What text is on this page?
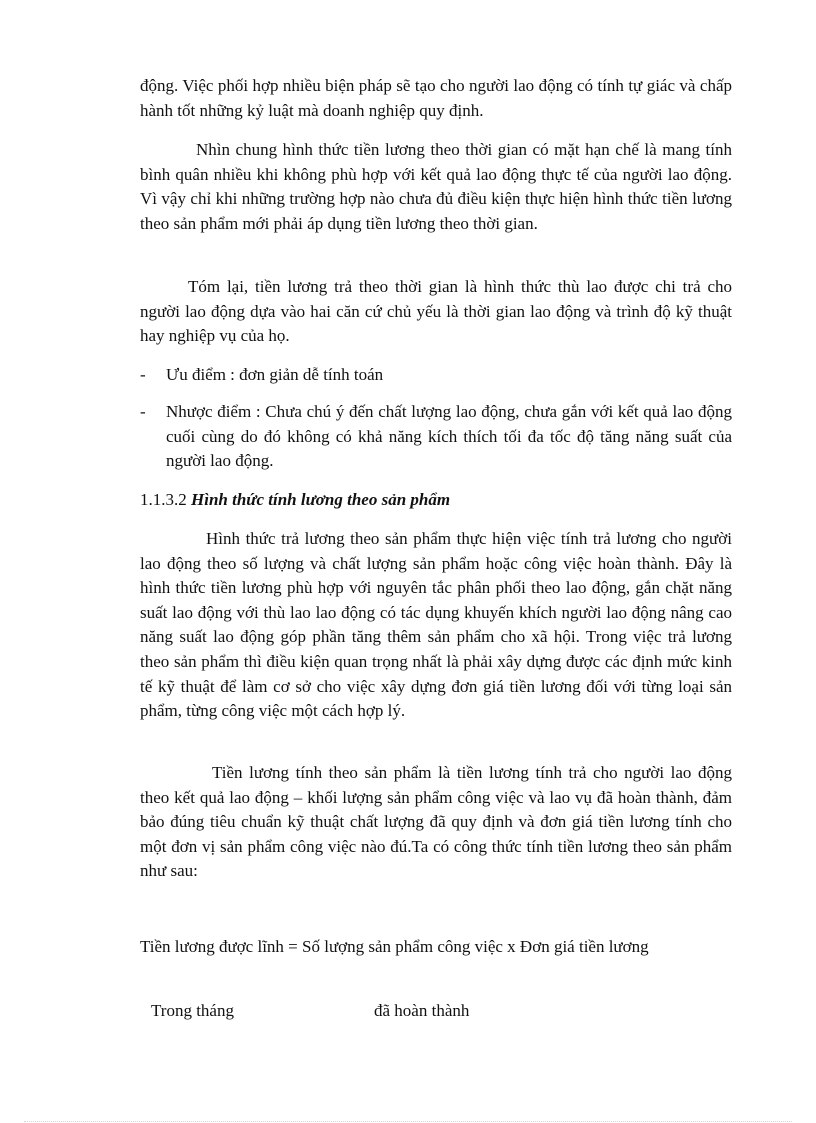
động. Việc phối hợp nhiều biện pháp sẽ tạo cho người lao động có tính tự giác và chấp hành tốt những kỷ luật mà doanh nghiệp quy định.

Nhìn chung hình thức tiền lương theo thời gian có mặt hạn chế là mang tính bình quân nhiều khi không phù hợp với kết quả lao động thực tế của người lao động. Vì vậy chỉ khi những trường hợp nào chưa đủ điều kiện thực hiện hình thức tiền lương theo sản phẩm mới phải áp dụng tiền lương theo thời gian.

Tóm lại, tiền lương trả theo thời gian là hình thức thù lao được chi trả cho người lao động dựa vào hai căn cứ chủ yếu là thời gian lao động và trình độ kỹ thuật hay nghiệp vụ của họ.

- Ưu điểm : đơn giản dễ tính toán
- Nhược điểm : Chưa chú ý đến chất lượng lao động, chưa gắn với kết quả lao động cuối cùng do đó không có khả năng kích thích tối đa tốc độ tăng năng suất của người lao động.
1.1.3.2 Hình thức tính lương theo sản phẩm

Hình thức trả lương theo sản phẩm thực hiện việc tính trả lương cho người lao động theo số lượng và chất lượng sản phẩm hoặc công việc hoàn thành. Đây là hình thức tiền lương phù hợp với nguyên tắc phân phối theo lao động, gắn chặt năng suất lao động với thù lao lao động có tác dụng khuyến khích người lao động nâng cao năng suất lao động góp phần tăng thêm sản phẩm cho xã hội. Trong việc trả lương theo sản phẩm thì điều kiện quan trọng nhất là phải xây dựng được các định mức kinh tế kỹ thuật để làm cơ sở cho việc xây dựng đơn giá tiền lương đối với từng loại sản phẩm, từng công việc một cách hợp lý.

Tiền lương tính theo sản phẩm là tiền lương tính trả cho người lao động theo kết quả lao động – khối lượng sản phẩm công việc và lao vụ đã hoàn thành, đảm bảo đúng tiêu chuẩn kỹ thuật chất lượng đã quy định và đơn giá tiền lương tính cho một đơn vị sản phẩm công việc nào đú.Ta có công thức tính tiền lương theo sản phẩm như sau:

Tiền lương được lĩnh = Số lượng sản phẩm công việc x Đơn giá tiền lương
Trong tháng	đã hoàn thành
